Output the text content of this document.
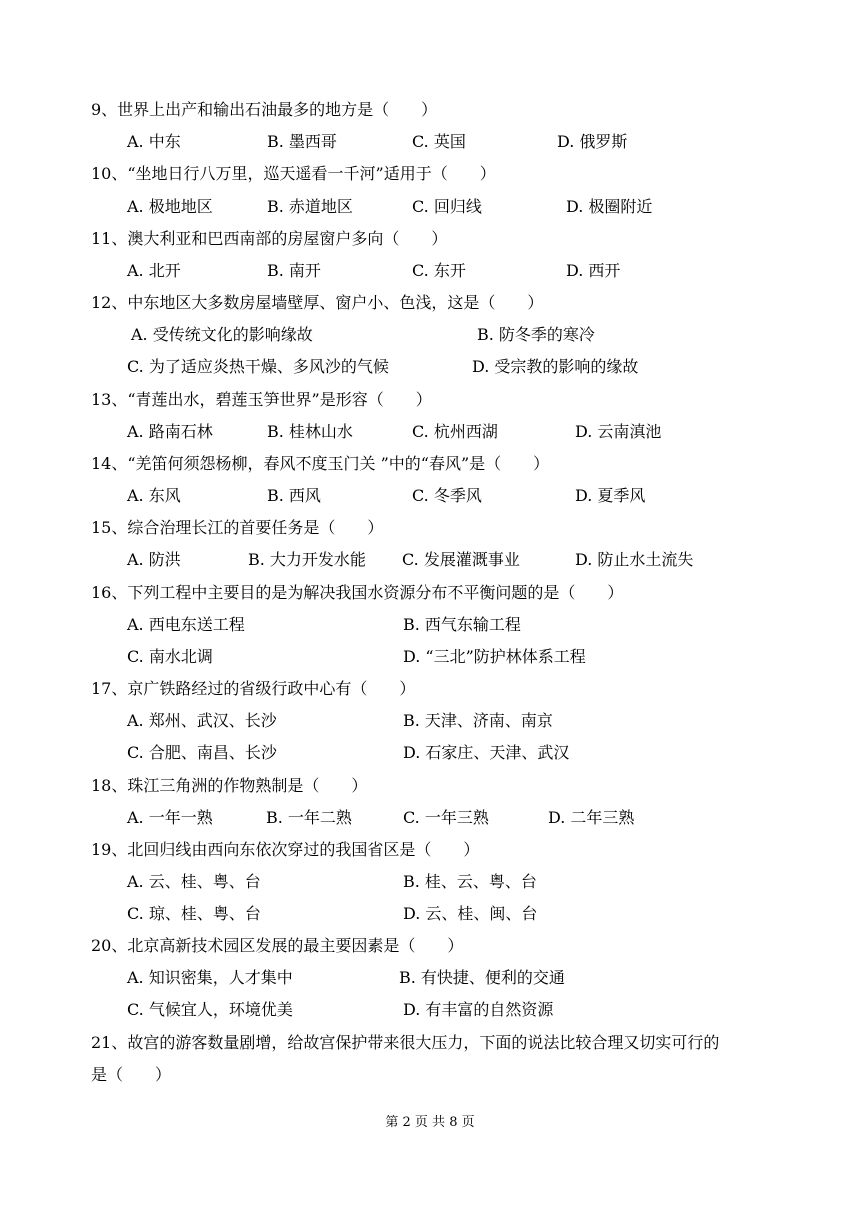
9、世界上出产和输出石油最多的地方是（　　）
A. 中东	B. 墨西哥	C. 英国	D. 俄罗斯
10、“坐地日行八万里，巡天遥看一千河”适用于（　　）
A. 极地地区	B. 赤道地区	C. 回归线	D. 极圈附近
11、澳大利亚和巴西南部的房屋窗户多向（　　）
A. 北开	B. 南开	C. 东开	D. 西开
12、中东地区大多数房屋墙壁厚、窗户小、色浅，这是（　　）
A. 受传统文化的影响缘故	B. 防冬季的寒冷
C. 为了适应炎热干燥、多风沙的气候	D. 受宗教的影响的缘故
13、“青莲出水，碧莲玉笋世界”是形容（　　）
A. 路南石林	B. 桂林山水	C. 杭州西湖	D. 云南滇池
14、“羌笛何须怨杨柳，春风不度玉门关 ”中的“春风”是（　　）
A. 东风	B. 西风	C. 冬季风	D. 夏季风
15、综合治理长江的首要任务是（　　）
A. 防洪	B. 大力开发水能 C. 发展灌溉事业	D. 防止水土流失
16、下列工程中主要目的是为解决我国水资源分布不平衡问题的是（　　）
A. 西电东送工程	B. 西气东输工程
C. 南水北调	D. “三北”防护林体系工程
17、京广铁路经过的省级行政中心有（　　）
A. 郑州、武汉、长沙	B. 天津、济南、南京
C. 合肥、南昌、长沙	D. 石家庄、天津、武汉
18、珠江三角洲的作物熟制是（　　）
A. 一年一熟	B. 一年二熟	C. 一年三熟	D. 二年三熟
19、北回归线由西向东依次穿过的我国省区是（　　）
A. 云、桂、粤、台	B. 桂、云、粤、台
C. 琼、桂、粤、台	D. 云、桂、闽、台
20、北京高新技术园区发展的最主要因素是（　　）
A. 知识密集，人才集中	B. 有快捷、便利的交通
C. 气候宜人，环境优美	D. 有丰富的自然资源
21、故宫的游客数量剧增，给故宫保护带来很大压力，下面的说法比较合理又切实可行的
是（　　）
第 2 页 共 8 页
